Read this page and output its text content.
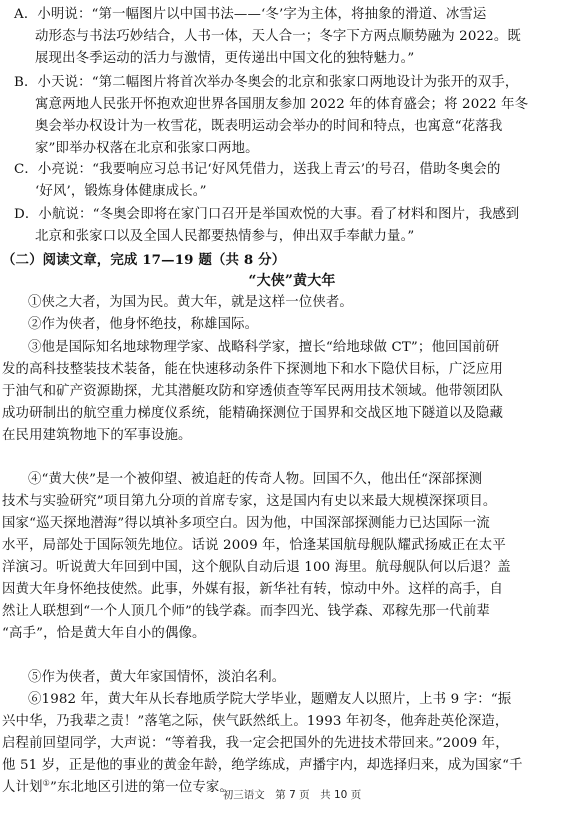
A．小明说：“第一幅图片以中国书法——‘冬’字为主体，将抽象的滑道、冰雪运
动形态与书法巧妙结合，人书一体，天人合一；冬字下方两点顺势融为 2022。既
展现出冬季运动的活力与激情，更传递出中国文化的独特魅力。”
B．小天说：“第二幅图片将首次举办冬奥会的北京和张家口两地设计为张开的双手，
寓意两地人民张开怀抱欢迎世界各国朋友参加 2022 年的体育盛会；将 2022 年冬
奥会举办权设计为一枚雪花，既表明运动会举办的时间和特点，也寓意“花落我
家”即举办权落在北京和张家口两地。
C．小亮说：“我要响应习总书记‘好风凭借力，送我上青云’的号召，借助冬奥会的
‘好风’，锻炼身体健康成长。”
D．小航说：“冬奥会即将在家门口召开是举国欢悦的大事。看了材料和图片，我感到
北京和张家口以及全国人民都要热情参与，伸出双手奉献力量。”
（二）阅读文章，完成 17—19 题（共 8 分）
“大侠”黄大年
①侠之大者，为国为民。黄大年，就是这样一位侠者。
②作为侠者，他身怀绝技，称雄国际。
③他是国际知名地球物理学家、战略科学家，擅长“给地球做 CT”；他回国前研
发的高科技整装技术装备，能在快速移动条件下探测地下和水下隐伏目标，广泛应用
于油气和矿产资源勘探，尤其潜艇攻防和穿透侦查等军民两用技术领域。他带领团队
成功研制出的航空重力梯度仪系统，能精确探测位于国界和交战区地下隧道以及隐藏
在民用建筑物地下的军事设施。
④“黄大侠”是一个被仰望、被追赶的传奇人物。回国不久，他出任“深部探测
技术与实验研究”项目第九分项的首席专家，这是国内有史以来最大规模深探项目。
国家“巡天探地潜海”得以填补多项空白。因为他，中国深部探测能力已达国际一流
水平，局部处于国际领先地位。话说 2009 年，恰逢某国航母舰队耀武扬威正在太平
洋演习。听说黄大年回到中国，这个舰队自动后退 100 海里。航母舰队何以后退？盖
因黄大年身怀绝技使然。此事，外媒有报，新华社有转，惊动中外。这样的高手，自
然让人联想到“一个人顶几个师”的钱学森。而李四光、钱学森、邓稼先那一代前辈
“高手”，恰是黄大年自小的偶像。
⑤作为侠者，黄大年家国情怀，淡泊名利。
⑥1982 年，黄大年从长春地质学院大学毕业，题赠友人以照片，上书 9 字：“振
兴中华，乃我辈之责！”落笔之际，侠气跃然纸上。1993 年初冬，他奔赴英伦深造，
启程前回望同学，大声说：“等着我，我一定会把国外的先进技术带回来。”2009 年，
他 51 岁，正是他的事业的黄金年龄，绝学练成，声播宇内，却选择归来，成为国家“千
初三语文　第 7 页　共 10 页
人计划①”东北地区引进的第一位专家。
